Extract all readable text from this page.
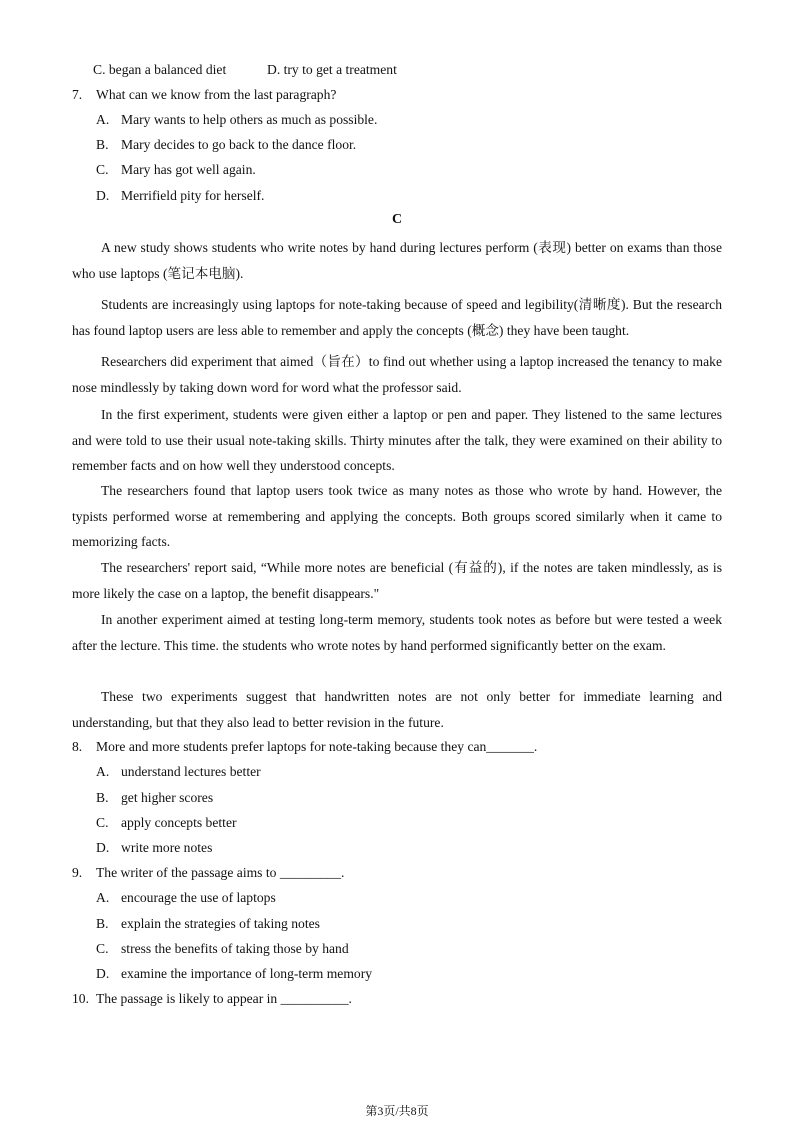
C. began a balanced diet	D. try to get a treatment
7. What can we know from the last paragraph?
A. Mary wants to help others as much as possible.
B. Mary decides to go back to the dance floor.
C. Mary has got well again.
D. Merrifield pity for herself.
C

A new study shows students who write notes by hand during lectures perform (表现) better on exams than those who use laptops (笔记本电脑).

Students are increasingly using laptops for note-taking because of speed and legibility(清晰度). But the research has found laptop users are less able to remember and apply the concepts (概念) they have been taught.

Researchers did experiment that aimed（旨在）to find out whether using a laptop increased the tenancy to make nose mindlessly by taking down word for word what the professor said.

In the first experiment, students were given either a laptop or pen and paper. They listened to the same lectures and were told to use their usual note-taking skills. Thirty minutes after the talk, they were examined on their ability to remember facts and on how well they understood concepts.

The researchers found that laptop users took twice as many notes as those who wrote by hand. However, the typists performed worse at remembering and applying the concepts. Both groups scored similarly when it came to memorizing facts.

The researchers' report said, “While more notes are beneficial (有益的), if the notes are taken mindlessly, as is more likely the case on a laptop, the benefit disappears."

In another experiment aimed at testing long-term memory, students took notes as before but were tested a week after the lecture. This time. the students who wrote notes by hand performed significantly better on the exam.

These two experiments suggest that handwritten notes are not only better for immediate learning and understanding, but that they also lead to better revision in the future.

8. More and more students prefer laptops for note-taking because they can_______.
A. understand lectures better
B. get higher scores
C. apply concepts better
D. write more notes
9. The writer of the passage aims to _________.
A. encourage the use of laptops
B. explain the strategies of taking notes
C. stress the benefits of taking those by hand
D. examine the importance of long-term memory
10. The passage is likely to appear in __________.
第3页/共8页
